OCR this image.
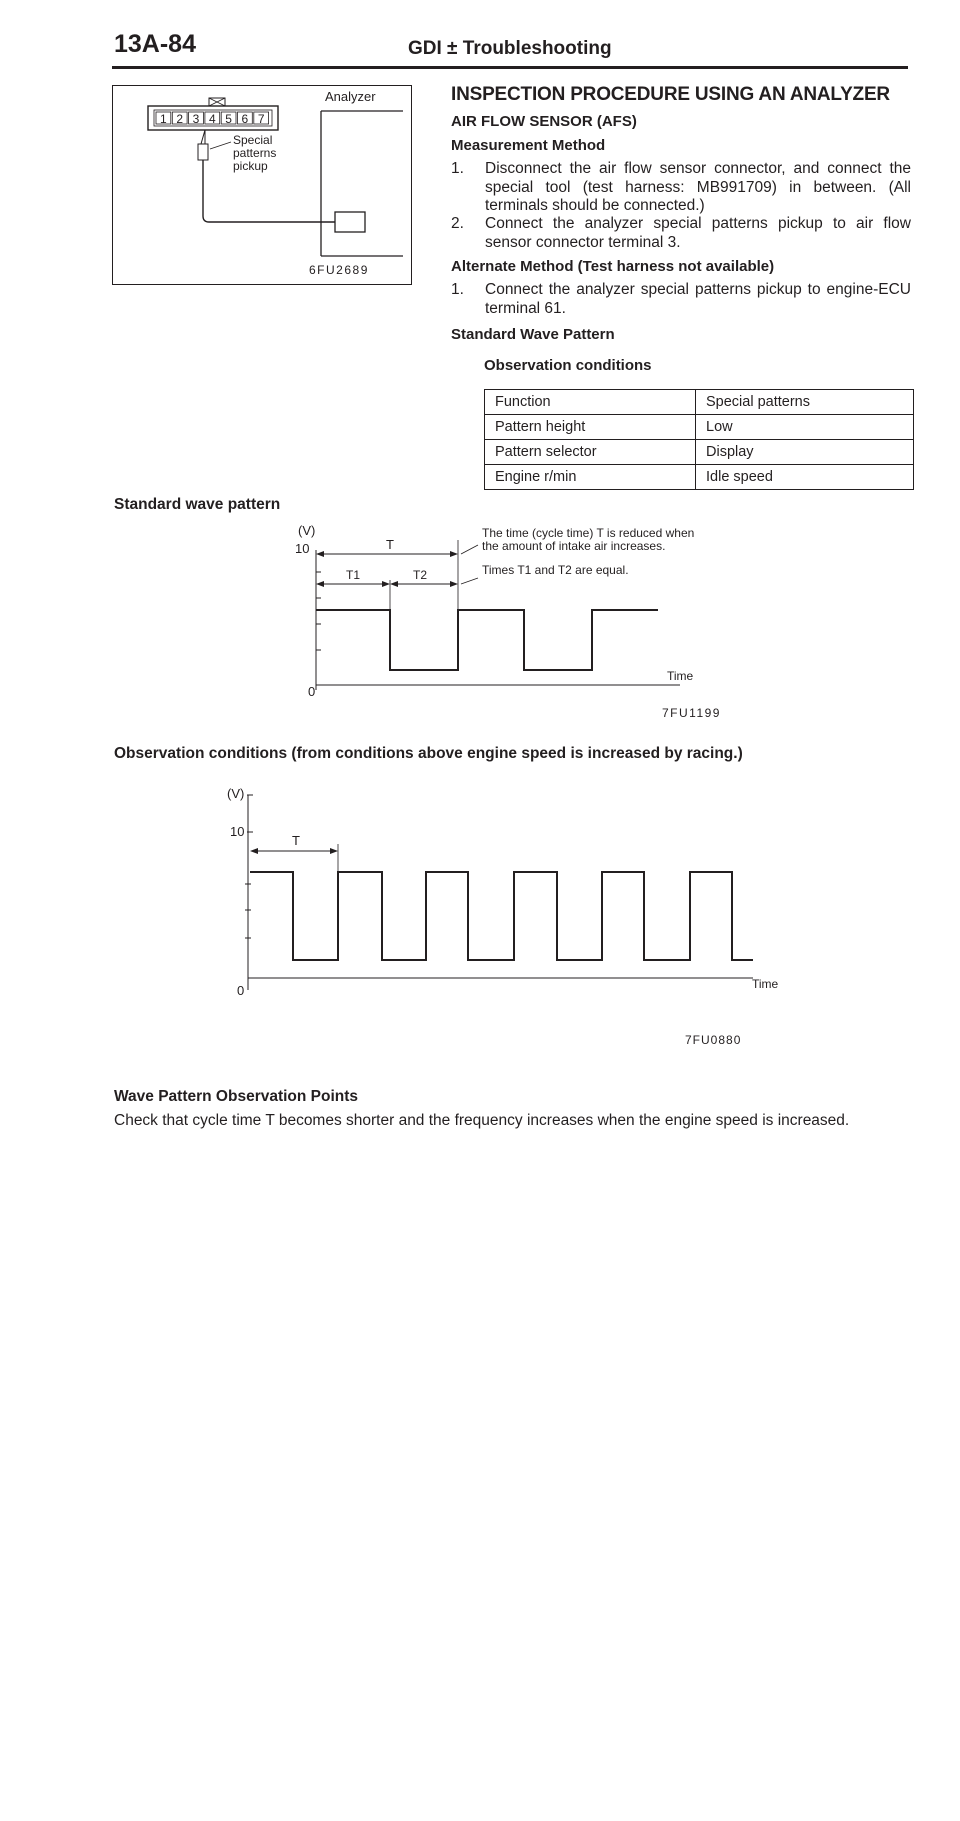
13A-84	GDI ± Troubleshooting
Analyzer
1 2 3 4 5 6 7
Special
patterns
pickup
6FU2689
INSPECTION PROCEDURE USING AN ANALYZER
AIR FLOW SENSOR (AFS)
Measurement Method
1. Disconnect the air flow sensor connector, and connect the special tool (test harness: MB991709) in between. (All terminals should be connected.)
2. Connect the analyzer special patterns pickup to air flow sensor connector terminal 3.
Alternate Method (Test harness not available)
1. Connect the analyzer special patterns pickup to engine-ECU terminal 61.
Standard Wave Pattern
Observation conditions
Function	Special patterns
Pattern height	Low
Pattern selector	Display
Engine r/min	Idle speed
Standard wave pattern
(V)
10
0
Time
T
T1	T2
The time (cycle time) T is reduced when
the amount of intake air increases.
Times T1 and T2 are equal.
7FU1199
Observation conditions (from conditions above engine speed is increased by racing.)
(V)
10
0	Time
T
7FU0880
Wave Pattern Observation Points
Check that cycle time T becomes shorter and the frequency increases when the engine speed is increased.
